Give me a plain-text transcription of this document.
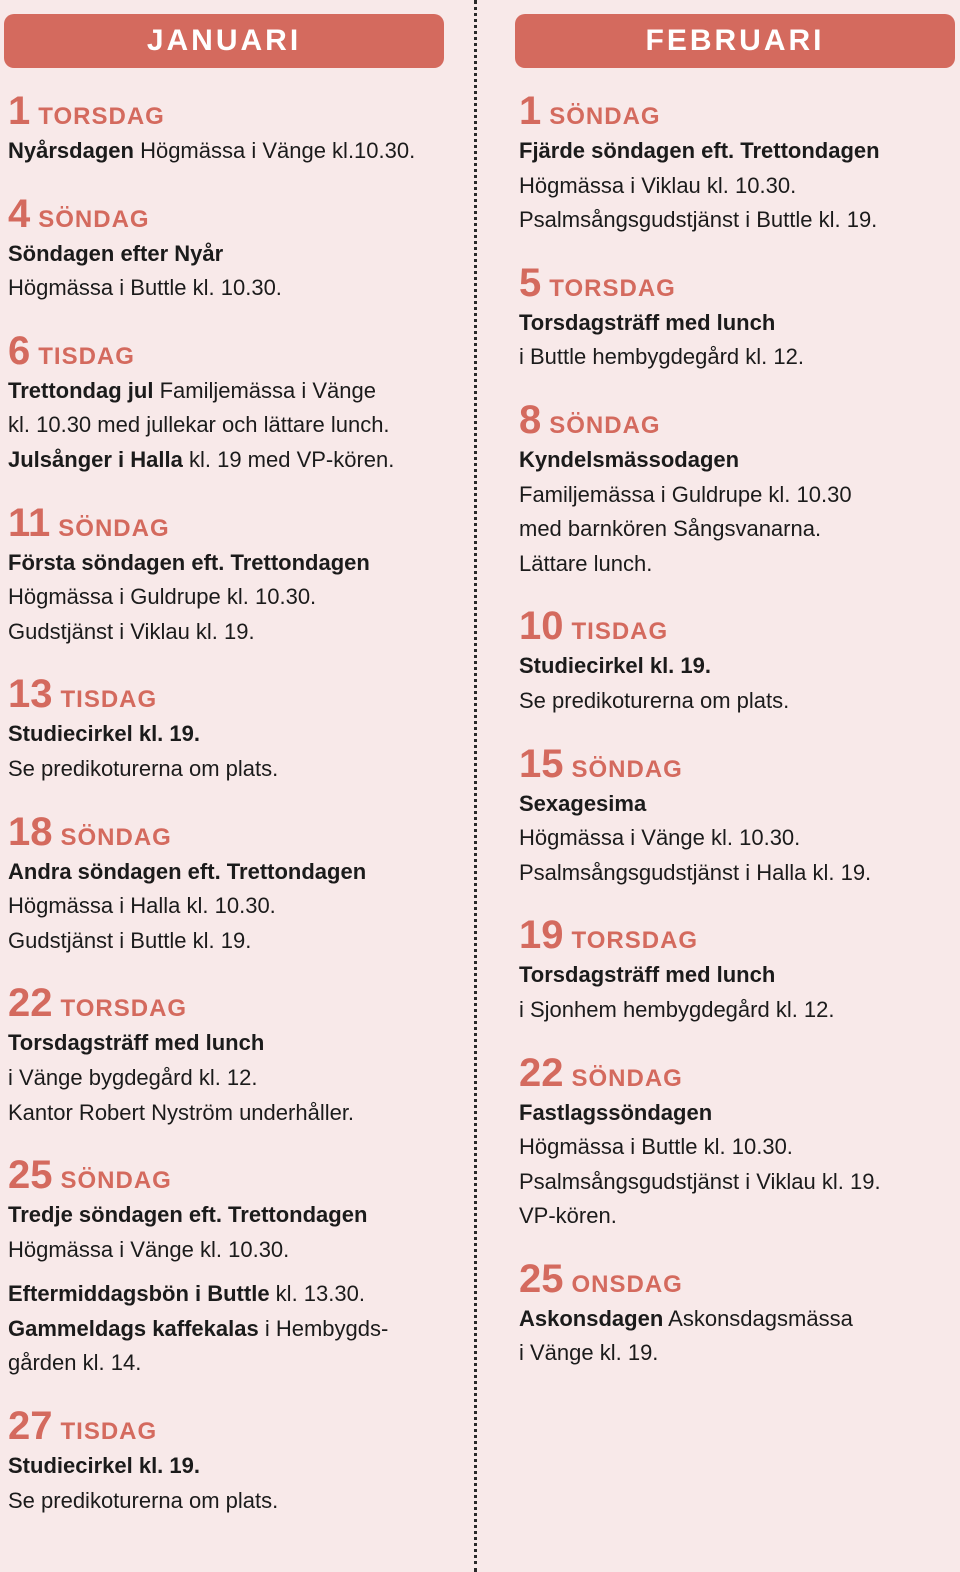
JANUARI
1 TORSDAG
Nyårsdagen Högmässa i Vänge kl.10.30.
4 SÖNDAG
Söndagen efter Nyår
Högmässa i Buttle kl. 10.30.
6 TISDAG
Trettondag jul Familjemässa i Vänge
kl. 10.30 med jullekar och lättare lunch.
Julsånger i Halla kl. 19 med VP-kören.
11 SÖNDAG
Första söndagen eft. Trettondagen
Högmässa i Guldrupe kl. 10.30.
Gudstjänst i Viklau kl. 19.
13 TISDAG
Studiecirkel kl. 19.
Se predikoturerna om plats.
18 SÖNDAG
Andra söndagen eft. Trettondagen
Högmässa i Halla kl. 10.30.
Gudstjänst i Buttle kl. 19.
22 TORSDAG
Torsdagsträff med lunch
i Vänge bygdegård kl. 12.
Kantor Robert Nyström underhåller.
25 SÖNDAG
Tredje söndagen eft. Trettondagen
Högmässa i Vänge kl. 10.30.
Eftermiddagsbön i Buttle kl. 13.30.
Gammeldags kaffekalas i Hembygds-
gården kl. 14.
27 TISDAG
Studiecirkel kl. 19.
Se predikoturerna om plats.
FEBRUARI
1 SÖNDAG
Fjärde söndagen eft. Trettondagen
Högmässa i Viklau kl. 10.30.
Psalmsångsgudstjänst i Buttle kl. 19.
5 TORSDAG
Torsdagsträff med lunch
i Buttle hembygdegård kl. 12.
8 SÖNDAG
Kyndelsmässodagen
Familjemässa i Guldrupe kl. 10.30
med barnkören Sångsvanarna.
Lättare lunch.
10 TISDAG
Studiecirkel kl. 19.
Se predikoturerna om plats.
15 SÖNDAG
Sexagesima
Högmässa i Vänge kl. 10.30.
Psalmsångsgudstjänst i Halla kl. 19.
19 TORSDAG
Torsdagsträff med lunch
i Sjonhem hembygdegård kl. 12.
22 SÖNDAG
Fastlagssöndagen
Högmässa i Buttle kl. 10.30.
Psalmsångsgudstjänst i Viklau kl. 19.
VP-kören.
25 ONSDAG
Askonsdagen Askonsdagsmässa
i Vänge kl. 19.
